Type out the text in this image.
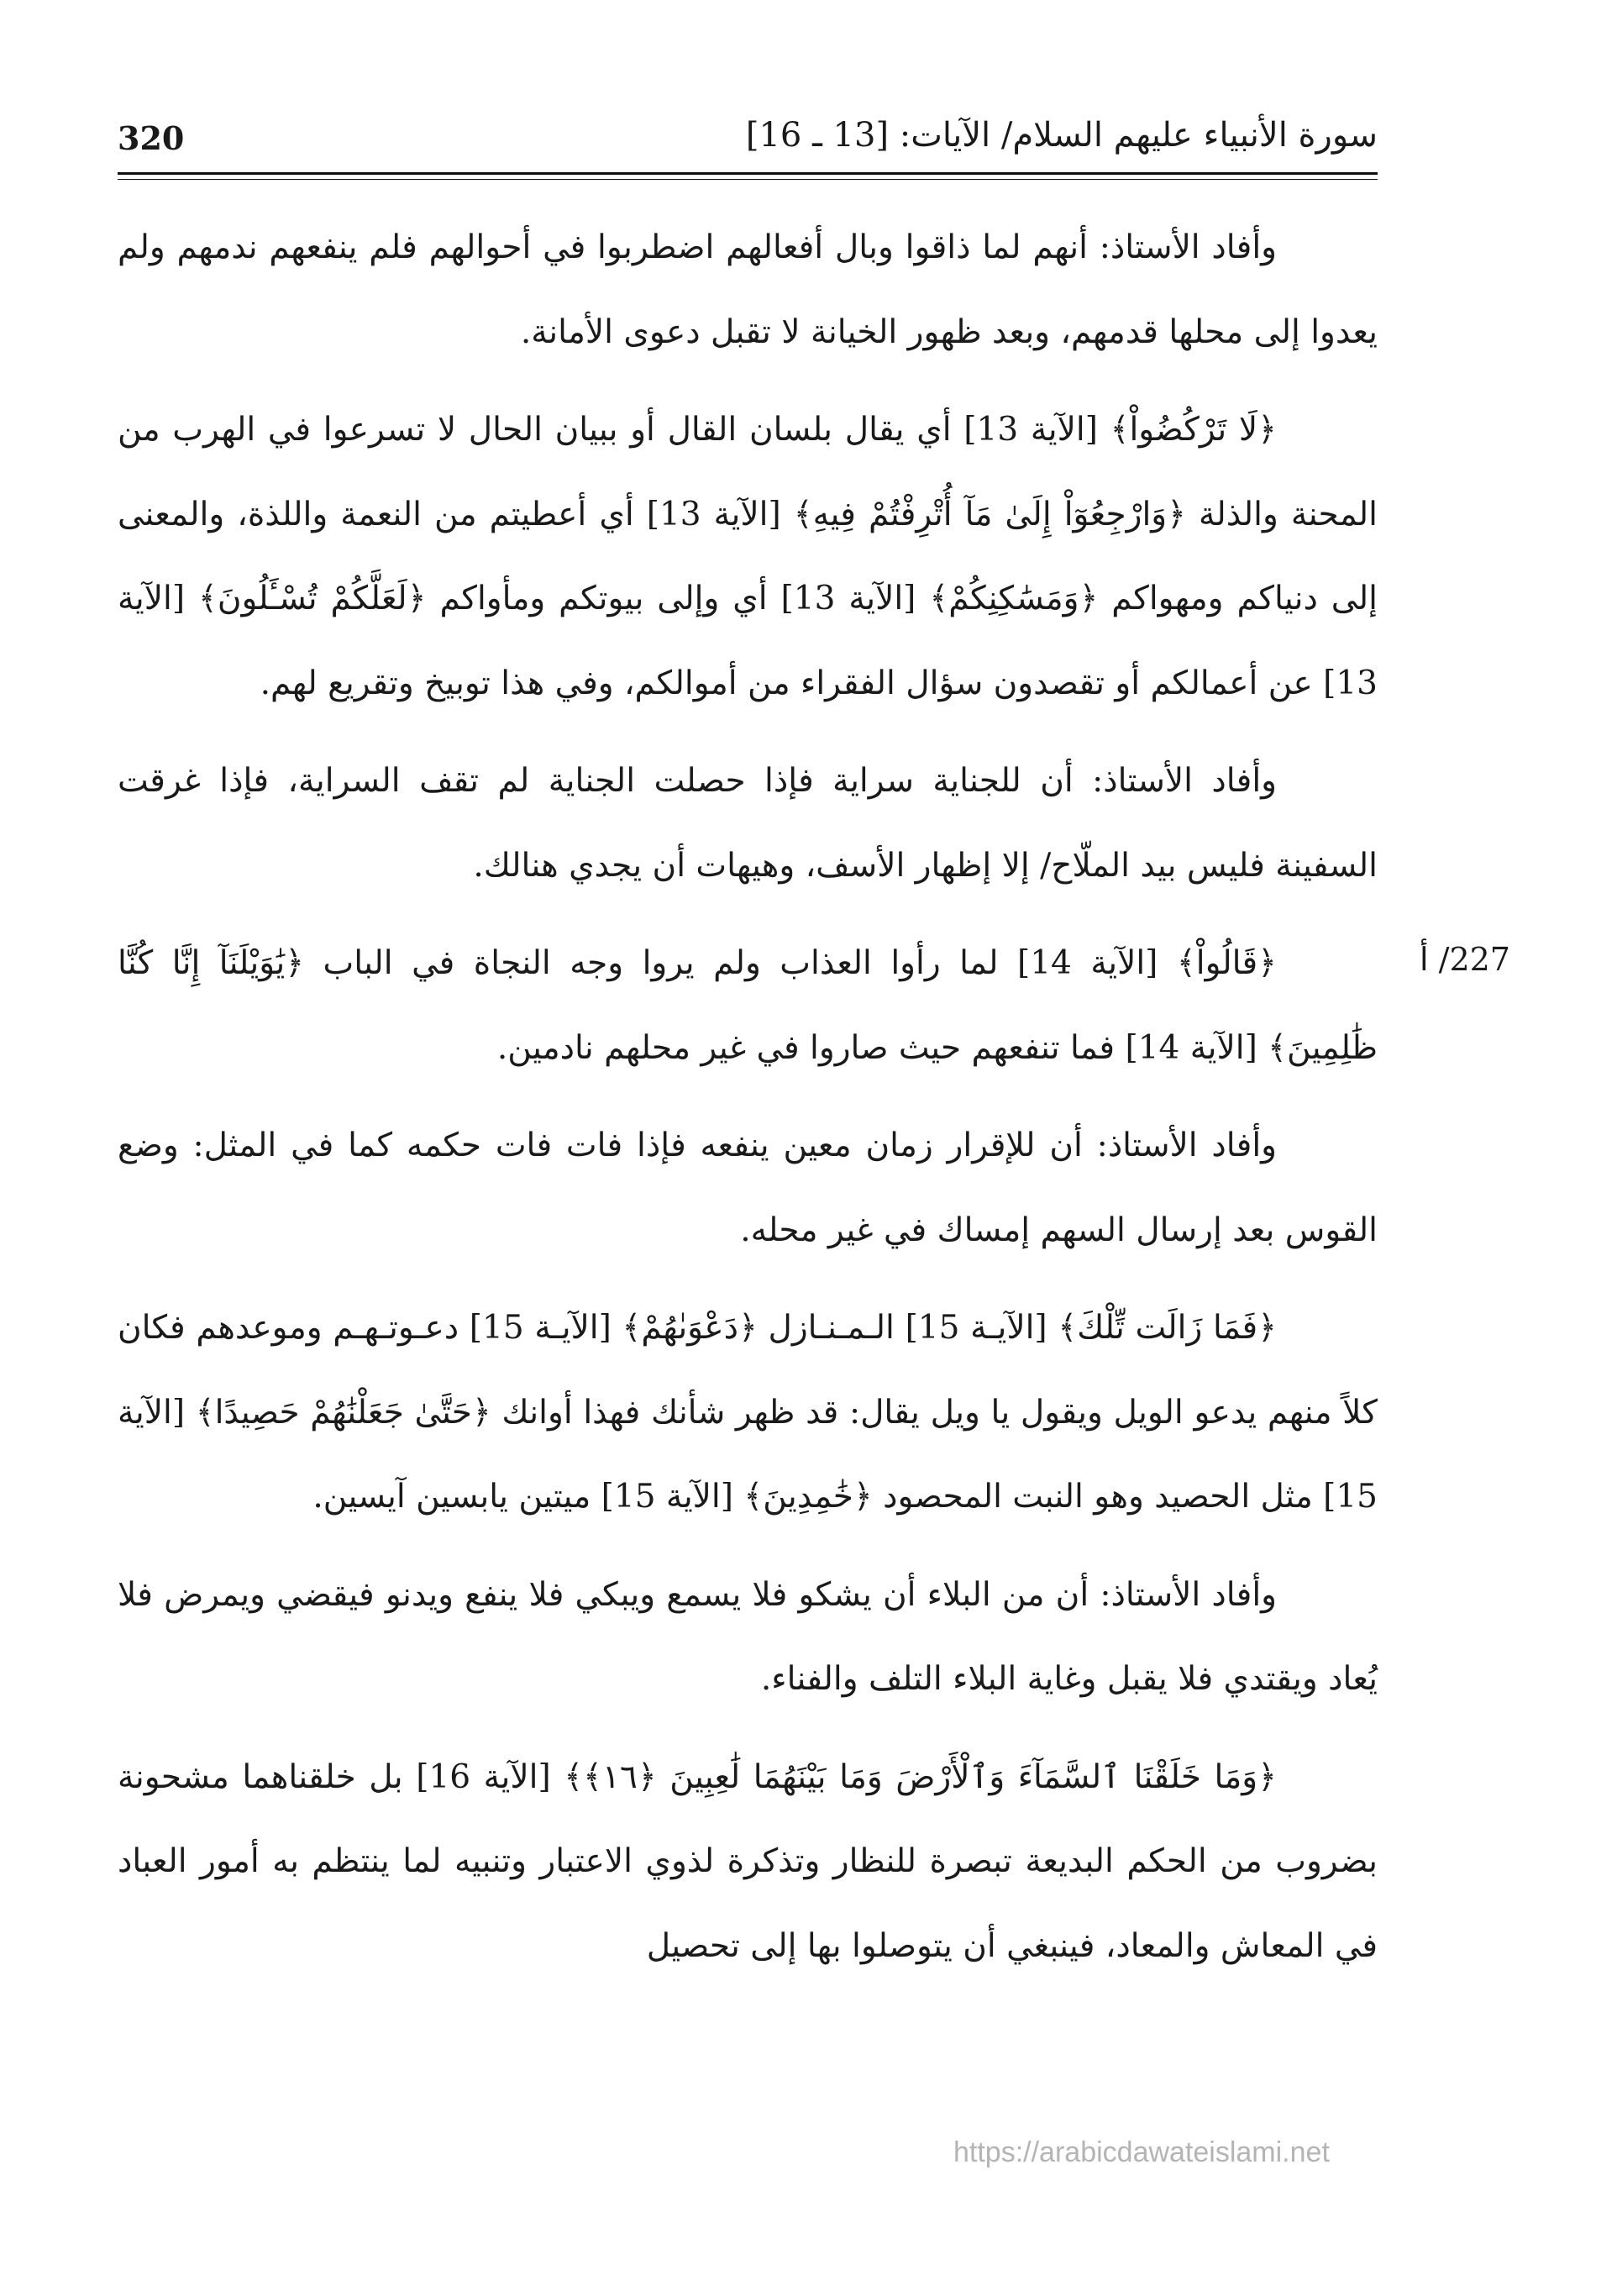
320	سورة الأنبياء عليهم السلام/ الآيات: [13 ـ 16]
227/ أ

وأفاد الأستاذ: أنهم لما ذاقوا وبال أفعالهم اضطربوا في أحوالهم فلم ينفعهم ندمهم ولم يعدوا إلى محلها قدمهم، وبعد ظهور الخيانة لا تقبل دعوى الأمانة.

﴿لَا تَرْكُضُواْ﴾ [الآية 13] أي يقال بلسان القال أو ببيان الحال لا تسرعوا في الهرب من المحنة والذلة ﴿وَارْجِعُوٓاْ إِلَىٰ مَآ أُتْرِفْتُمْ فِيهِ﴾ [الآية 13] أي أعطيتم من النعمة واللذة، والمعنى إلى دنياكم ومهواكم ﴿وَمَسَٰكِنِكُمْ﴾ [الآية 13] أي وإلى بيوتكم ومأواكم ﴿لَعَلَّكُمْ تُسْـَٔلُونَ﴾ [الآية 13] عن أعمالكم أو تقصدون سؤال الفقراء من أموالكم، وفي هذا توبيخ وتقريع لهم.

وأفاد الأستاذ: أن للجناية سراية فإذا حصلت الجناية لم تقف السراية، فإذا غرقت السفينة فليس بيد الملّاح/ إلا إظهار الأسف، وهيهات أن يجدي هنالك.

﴿قَالُواْ﴾ [الآية 14] لما رأوا العذاب ولم يروا وجه النجاة في الباب ﴿يَٰوَيْلَنَآ إِنَّا كُنَّا ظَٰلِمِينَ﴾ [الآية 14] فما تنفعهم حيث صاروا في غير محلهم نادمين.

وأفاد الأستاذ: أن للإقرار زمان معين ينفعه فإذا فات فات حكمه كما في المثل: وضع القوس بعد إرسال السهم إمساك في غير محله.

﴿فَمَا زَالَت تِّلْكَ﴾ [الآيـة 15] الـمـنـازل ﴿دَعْوَىٰهُمْ﴾ [الآيـة 15] دعـوتـهـم وموعدهم فكان كلاً منهم يدعو الويل ويقول يا ويل يقال: قد ظهر شأنك فهذا أوانك ﴿حَتَّىٰ جَعَلْنَٰهُمْ حَصِيدًا﴾ [الآية 15] مثل الحصيد وهو النبت المحصود ﴿خَٰمِدِينَ﴾ [الآية 15] ميتين يابسين آيسين.

وأفاد الأستاذ: أن من البلاء أن يشكو فلا يسمع ويبكي فلا ينفع ويدنو فيقضي ويمرض فلا يُعاد ويقتدي فلا يقبل وغاية البلاء التلف والفناء.

﴿وَمَا خَلَقْنَا ٱلسَّمَآءَ وَٱلْأَرْضَ وَمَا بَيْنَهُمَا لَٰعِبِينَ ﴿١٦﴾﴾ [الآية 16] بل خلقناهما مشحونة بضروب من الحكم البديعة تبصرة للنظار وتذكرة لذوي الاعتبار وتنبيه لما ينتظم به أمور العباد في المعاش والمعاد، فينبغي أن يتوصلوا بها إلى تحصيل

https://arabicdawateislami.net
